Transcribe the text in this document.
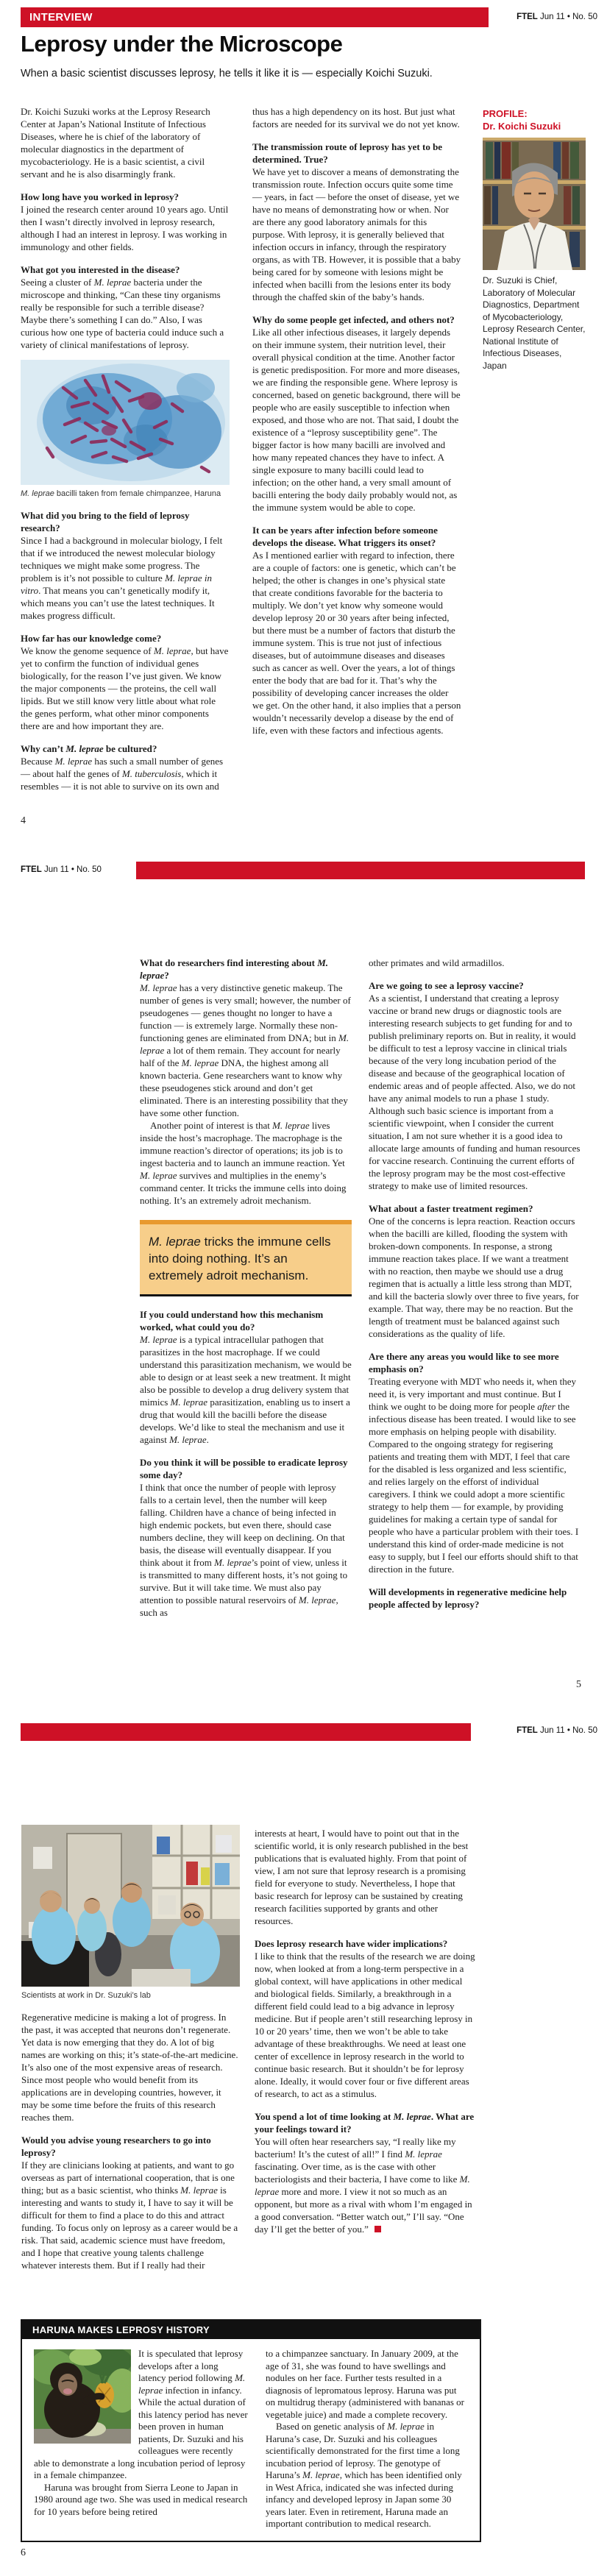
INTERVIEW	FTEL Jun 11 • No. 50
Leprosy under the Microscope

When a basic scientist discusses leprosy, he tells it like it is — especially Koichi Suzuki.

Dr. Koichi Suzuki works at the Leprosy Research Center at Japan’s National Institute of Infectious Diseases, where he is chief of the laboratory of molecular diagnostics in the department of mycobacteriology. He is a basic scientist, a civil servant and he is also disarmingly frank.

How long have you worked in leprosy?

I joined the research center around 10 years ago. Until then I wasn’t directly involved in leprosy research, although I had an interest in leprosy. I was working in immunology and other fields.

What got you interested in the disease?

Seeing a cluster of M. leprae bacteria under the microscope and thinking, “Can these tiny organisms really be responsible for such a terrible disease? Maybe there’s something I can do.” Also, I was curious how one type of bacteria could induce such a variety of clinical manifestations of leprosy.

M. leprae bacilli taken from female chimpanzee, Haruna

What did you bring to the field of leprosy research?

Since I had a background in molecular biology, I felt that if we introduced the newest molecular biology techniques we might make some progress. The problem is it’s not possible to culture M. leprae in vitro. That means you can’t genetically modify it, which means you can’t use the latest techniques. It makes progress difficult.

How far has our knowledge come?

We know the genome sequence of M. leprae, but have yet to confirm the function of individual genes biologically, for the reason I’ve just given. We know the major components — the proteins, the cell wall lipids. But we still know very little about what role the genes perform, what other minor components there are and how important they are.

Why can’t M. leprae be cultured?

Because M. leprae has such a small number of genes — about half the genes of M. tuberculosis, which it resembles — it is not able to survive on its own and

thus has a high dependency on its host. But just what factors are needed for its survival we do not yet know.

The transmission route of leprosy has yet to be determined. True?

We have yet to discover a means of demonstrating the transmission route. Infection occurs quite some time — years, in fact — before the onset of disease, yet we have no means of demonstrating how or when. Nor are there any good laboratory animals for this purpose. With leprosy, it is generally believed that infection occurs in infancy, through the respiratory organs, as with TB. However, it is possible that a baby being cared for by someone with lesions might be infected when bacilli from the lesions enter its body through the chaffed skin of the baby’s hands.

Why do some people get infected, and others not?

Like all other infectious diseases, it largely depends on their immune system, their nutrition level, their overall physical condition at the time. Another factor is genetic predisposition. For more and more diseases, we are finding the responsible gene. Where leprosy is concerned, based on genetic background, there will be people who are easily susceptible to infection when exposed, and those who are not. That said, I doubt the existence of a “leprosy susceptibility gene”. The bigger factor is how many bacilli are involved and how many repeated chances they have to infect. A single exposure to many bacilli could lead to infection; on the other hand, a very small amount of bacilli entering the body daily probably would not, as the immune system would be able to cope.

It can be years after infection before someone develops the disease. What triggers its onset?

As I mentioned earlier with regard to infection, there are a couple of factors: one is genetic, which can’t be helped; the other is changes in one’s physical state that create conditions favorable for the bacteria to multiply. We don’t yet know why someone would develop leprosy 20 or 30 years after being infected, but there must be a number of factors that disturb the immune system. This is true not just of infectious diseases, but of autoimmune diseases and diseases such as cancer as well. Over the years, a lot of things enter the body that are bad for it. That’s why the possibility of developing cancer increases the older we get. On the other hand, it also implies that a person wouldn’t necessarily develop a disease by the end of life, even with these factors and infectious agents.

PROFILE:

Dr. Koichi Suzuki

Dr. Suzuki is Chief, Laboratory of Molecular Diagnostics, Department of Mycobacteriology, Leprosy Research Center, National Institute of Infectious Diseases, Japan

4
FTEL Jun 11 • No. 50

What do researchers find interesting about M. leprae?

M. leprae has a very distinctive genetic makeup. The number of genes is very small; however, the number of pseudogenes — genes thought no longer to have a function — is extremely large. Normally these non-functioning genes are eliminated from DNA; but in M. leprae a lot of them remain. They account for nearly half of the M. leprae DNA, the highest among all known bacteria. Gene researchers want to know why these pseudogenes stick around and don’t get eliminated. There is an interesting possibility that they have some other function.

Another point of interest is that M. leprae lives inside the host’s macrophage. The macrophage is the immune reaction’s director of operations; its job is to ingest bacteria and to launch an immune reaction. Yet M. leprae survives and multiplies in the enemy’s command center. It tricks the immune cells into doing nothing. It’s an extremely adroit mechanism.

M. leprae tricks the immune cells into doing nothing. It’s an extremely adroit mechanism.

If you could understand how this mechanism worked, what could you do?

M. leprae is a typical intracellular pathogen that parasitizes in the host macrophage. If we could understand this parasitization mechanism, we would be able to design or at least seek a new treatment. It might also be possible to develop a drug delivery system that mimics M. leprae parasitization, enabling us to insert a drug that would kill the bacilli before the disease develops. We’d like to steal the mechanism and use it against M. leprae.

Do you think it will be possible to eradicate leprosy some day?

I think that once the number of people with leprosy falls to a certain level, then the number will keep falling. Children have a chance of being infected in high endemic pockets, but even there, should case numbers decline, they will keep on declining. On that basis, the disease will eventually disappear. If you think about it from M. leprae’s point of view, unless it is transmitted to many different hosts, it’s not going to survive. But it will take time. We must also pay attention to possible natural reservoirs of M. leprae, such as

other primates and wild armadillos.

Are we going to see a leprosy vaccine?

As a scientist, I understand that creating a leprosy vaccine or brand new drugs or diagnostic tools are interesting research subjects to get funding for and to publish preliminary reports on. But in reality, it would be difficult to test a leprosy vaccine in clinical trials because of the very long incubation period of the disease and because of the geographical location of endemic areas and of people affected. Also, we do not have any animal models to run a phase 1 study. Although such basic science is important from a scientific viewpoint, when I consider the current situation, I am not sure whether it is a good idea to allocate large amounts of funding and human resources for vaccine research. Continuing the current efforts of the leprosy program may be the most cost-effective strategy to make use of limited resources.

What about a faster treatment regimen?

One of the concerns is lepra reaction. Reaction occurs when the bacilli are killed, flooding the system with broken-down components. In response, a strong immune reaction takes place. If we want a treatment with no reaction, then maybe we should use a drug regimen that is actually a little less strong than MDT, and kill the bacteria slowly over three to five years, for example. That way, there may be no reaction. But the length of treatment must be balanced against such considerations as the quality of life.

Are there any areas you would like to see more emphasis on?

Treating everyone with MDT who needs it, when they need it, is very important and must continue. But I think we ought to be doing more for people after the infectious disease has been treated. I would like to see more emphasis on helping people with disability. Compared to the ongoing strategy for regisering patients and treating them with MDT, I feel that care for the disabled is less organized and less scientific, and relies largely on the efforst of individual caregivers. I think we could adopt a more scientific strategy to help them — for example, by providing guidelines for making a certain type of sandal for people who have a particular problem with their toes. I understand this kind of order-made medicine is not easy to supply, but I feel our efforts should shift to that direction in the future.

Will developments in regenerative medicine help people affected by leprosy?

5
FTEL Jun 11 • No. 50
Scientists at work in Dr. Suzuki’s lab

Regenerative medicine is making a lot of progress. In the past, it was accepted that neurons don’t regenerate. Yet data is now emerging that they do. A lot of big names are working on this; it’s state-of-the-art medicine. It’s also one of the most expensive areas of research. Since most people who would benefit from its applications are in developing countries, however, it may be some time before the fruits of this research reaches them.

Would you advise young researchers to go into leprosy?

If they are clinicians looking at patients, and want to go overseas as part of international cooperation, that is one thing; but as a basic scientist, who thinks M. leprae is interesting and wants to study it, I have to say it will be difficult for them to find a place to do this and attract funding. To focus only on leprosy as a career would be a risk. That said, academic science must have freedom, and I hope that creative young talents challenge whatever interests them. But if I really had their

interests at heart, I would have to point out that in the scientific world, it is only research published in the best publications that is evaluated highly. From that point of view, I am not sure that leprosy research is a promising field for everyone to study. Nevertheless, I hope that basic research for leprosy can be sustained by creating research facilities supported by grants and other resources.

Does leprosy research have wider implications?

I like to think that the results of the research we are doing now, when looked at from a long-term perspective in a global context, will have applications in other medical and biological fields. Similarly, a breakthrough in a different field could lead to a big advance in leprosy medicine. But if people aren’t still researching leprosy in 10 or 20 years’ time, then we won’t be able to take advantage of these breakthroughs. We need at least one center of excellence in leprosy research in the world to continue basic research. But it shouldn’t be for leprosy alone. Ideally, it would cover four or five different areas of research, to act as a stimulus.

You spend a lot of time looking at M. leprae. What are your feelings toward it?

You will often hear researchers say, “I really like my bacterium! It’s the cutest of all!” I find M. leprae fascinating. Over time, as is the case with other bacteriologists and their bacteria, I have come to like M. leprae more and more. I view it not so much as an opponent, but more as a rival with whom I’m engaged in a good conversation. “Better watch out,” I’ll say. “One day I’ll get the better of you.”

HARUNA MAKES LEPROSY HISTORY

It is speculated that leprosy develops after a long latency period following M. leprae infection in infancy. While the actual duration of this latency period has never been proven in human patients, Dr. Suzuki and his colleagues were recently able to demonstrate a long incubation period of leprosy in a female chimpanzee.

Haruna was brought from Sierra Leone to Japan in 1980 around age two. She was used in medical research for 10 years before being retired

to a chimpanzee sanctuary. In January 2009, at the age of 31, she was found to have swellings and nodules on her face. Further tests resulted in a diagnosis of lepromatous leprosy. Haruna was put on multidrug therapy (administered with bananas or vegetable juice) and made a complete recovery.

Based on genetic analysis of M. leprae in Haruna’s case, Dr. Suzuki and his colleagues scientifically demonstrated for the first time a long incubation period of leprosy. The genotype of Haruna’s M. leprae, which has been identified only in West Africa, indicated she was infected during infancy and developed leprosy in Japan some 30 years later. Even in retirement, Haruna made an important contribution to medical research.

6
